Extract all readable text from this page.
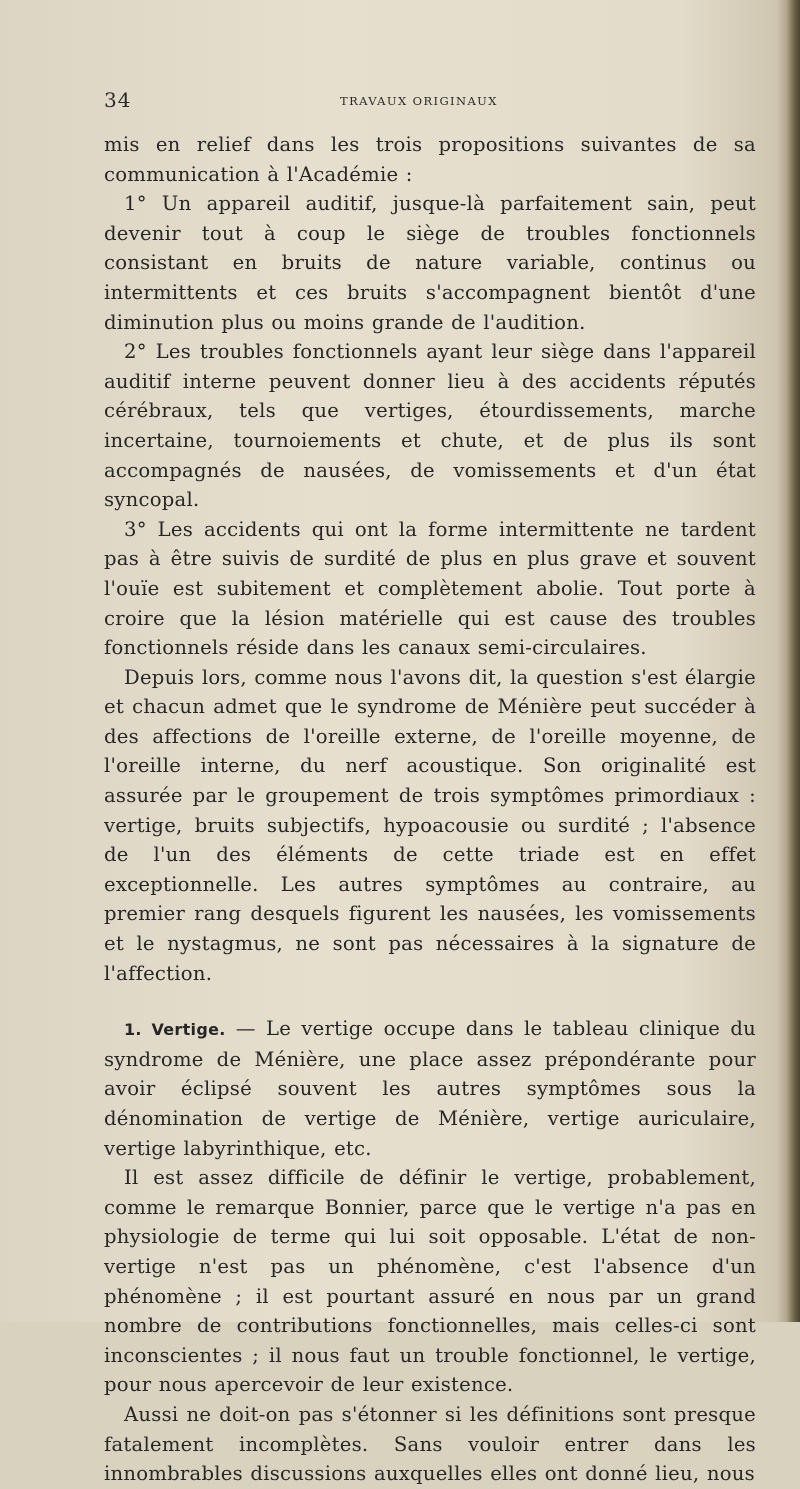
34	TRAVAUX ORIGINAUX

mis en relief dans les trois propositions suivantes de sa communication à l'Académie :

1° Un appareil auditif, jusque-là parfaitement sain, peut devenir tout à coup le siège de troubles fonctionnels consistant en bruits de nature variable, continus ou intermittents et ces bruits s'accompagnent bientôt d'une diminution plus ou moins grande de l'audition.

2° Les troubles fonctionnels ayant leur siège dans l'appareil auditif interne peuvent donner lieu à des accidents réputés cérébraux, tels que vertiges, étourdissements, marche incertaine, tournoiements et chute, et de plus ils sont accompagnés de nausées, de vomissements et d'un état syncopal.

3° Les accidents qui ont la forme intermittente ne tardent pas à être suivis de surdité de plus en plus grave et souvent l'ouïe est subitement et complètement abolie. Tout porte à croire que la lésion matérielle qui est cause des troubles fonctionnels réside dans les canaux semi-circulaires.

Depuis lors, comme nous l'avons dit, la question s'est élargie et chacun admet que le syndrome de Ménière peut succéder à des affections de l'oreille externe, de l'oreille moyenne, de l'oreille interne, du nerf acoustique. Son originalité est assurée par le groupement de trois symptômes primordiaux : vertige, bruits subjectifs, hypoacousie ou surdité ; l'absence de l'un des éléments de cette triade est en effet exceptionnelle. Les autres symptômes au contraire, au premier rang desquels figurent les nausées, les vomissements et le nystagmus, ne sont pas nécessaires à la signature de l'affection.

1. Vertige. — Le vertige occupe dans le tableau clinique du syndrome de Ménière, une place assez prépondérante pour avoir éclipsé souvent les autres symptômes sous la dénomination de vertige de Ménière, vertige auriculaire, vertige labyrinthique, etc.

Il est assez difficile de définir le vertige, probablement, comme le remarque Bonnier, parce que le vertige n'a pas en physiologie de terme qui lui soit opposable. L'état de non-vertige n'est pas un phénomène, c'est l'absence d'un phénomène ; il est pourtant assuré en nous par un grand nombre de contributions fonctionnelles, mais celles-ci sont inconscientes ; il nous faut un trouble fonctionnel, le vertige, pour nous apercevoir de leur existence.

Aussi ne doit-on pas s'étonner si les définitions sont presque fatalement incomplètes. Sans vouloir entrer dans les innombrables discussions auxquelles elles ont donné lieu, nous
